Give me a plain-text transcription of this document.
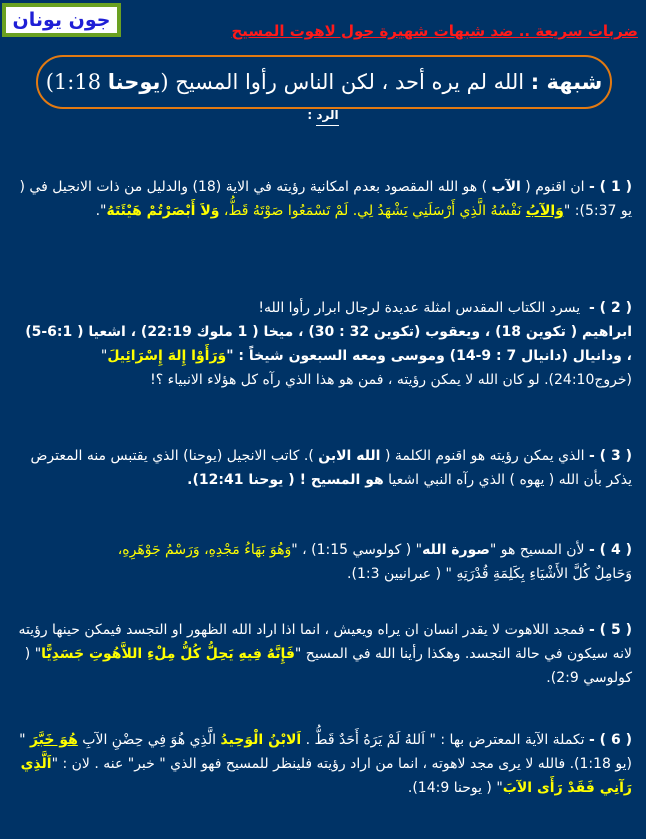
جون يونان	ضربات سريعة .. ضد شبهات شهيرة حول لاهوت المسيح
شبهة :

الله لم يره أحد ، لكن الناس رأوا المسيح (
يوحنا

1:18)
الرد :
( 1 ) - ان اقنوم ( الآب ) هو الله المقصود بعدم امكانية رؤيته في الاية (18) والدليل من ذات الانجيل في ( يو 5:37): "وَالآبُ نَفْسُهُ الَّذِي أَرْسَلَنِي يَشْهَدُ لِي. لَمْ تَسْمَعُوا صَوْتَهُ قَطُّ، وَلاَ أَبْصَرْتُمْ هَيْئَتَهُ".
( 2 ) -  يسرد الكتاب المقدس امثلة عديدة لرجال ابرار رأوا الله!
ابراهيم ( تكوين 18) ، ويعقوب (تكوين 32 : 30) ، ميخا ( 1 ملوك 22:19) ، اشعيا ( 6:1-5) ، ودانيال (دانيال 7 : 9-14) وموسى ومعه السبعون شيخاً : "وَرَأَوْا إِلهَ إِسْرَائِيلَ" (خروج24:10). لو كان الله لا يمكن رؤيته ، فمن هو هذا الذي رآه كل هؤلاء الانبياء ؟!
( 3 ) - الذي يمكن رؤيته هو اقنوم الكلمة ( الله الابن ). كاتب الانجيل (يوحنا) الذي يقتبس منه المعترض يذكر بأن الله ( يهوه ) الذي رآه النبي اشعيا هو المسيح ! ( يوحنا 12:41).
( 4 ) - لأن المسيح هو "صورة الله" ( كولوسي 1:15) ، "وَهُوَ بَهَاءُ مَجْدِهِ، وَرَسْمُ جَوْهَرِهِ،
وَحَامِلٌ كُلَّ الأَشْيَاءِ بِكَلِمَةِ قُدْرَتِهِ " ( عبرانيين 1:3).
( 5 ) - فمجد اللاهوت لا يقدر انسان ان يراه ويعيش ، انما اذا اراد الله الظهور او التجسد فيمكن حينها رؤيته لانه سيكون في حالة التجسد. وهكذا رأينا الله في المسيح "فَإِنَّهُ فِيهِ يَحِلُّ كُلُّ مِلْءِ اللاَّهُوتِ جَسَدِيًّا" ( كولوسي 2:9).
( 6 ) - تكملة الآية المعترض بها : " اَللهُ لَمْ يَرَهُ أَحَدٌ قَطُّ . اَلابْنُ الْوَحِيدُ الَّذِي هُوَ فِي حِضْنِ الآبِ هُوَ خَبَّرَ " (يو 1:18). فالله لا يرى مجد لاهوته ، انما من اراد رؤيته فلينظر للمسيح فهو الذي " خبر" عنه . لان : "اَلَّذِي رَآنِي فَقَدْ رَأَى الآبَ" ( يوحنا 14:9).
